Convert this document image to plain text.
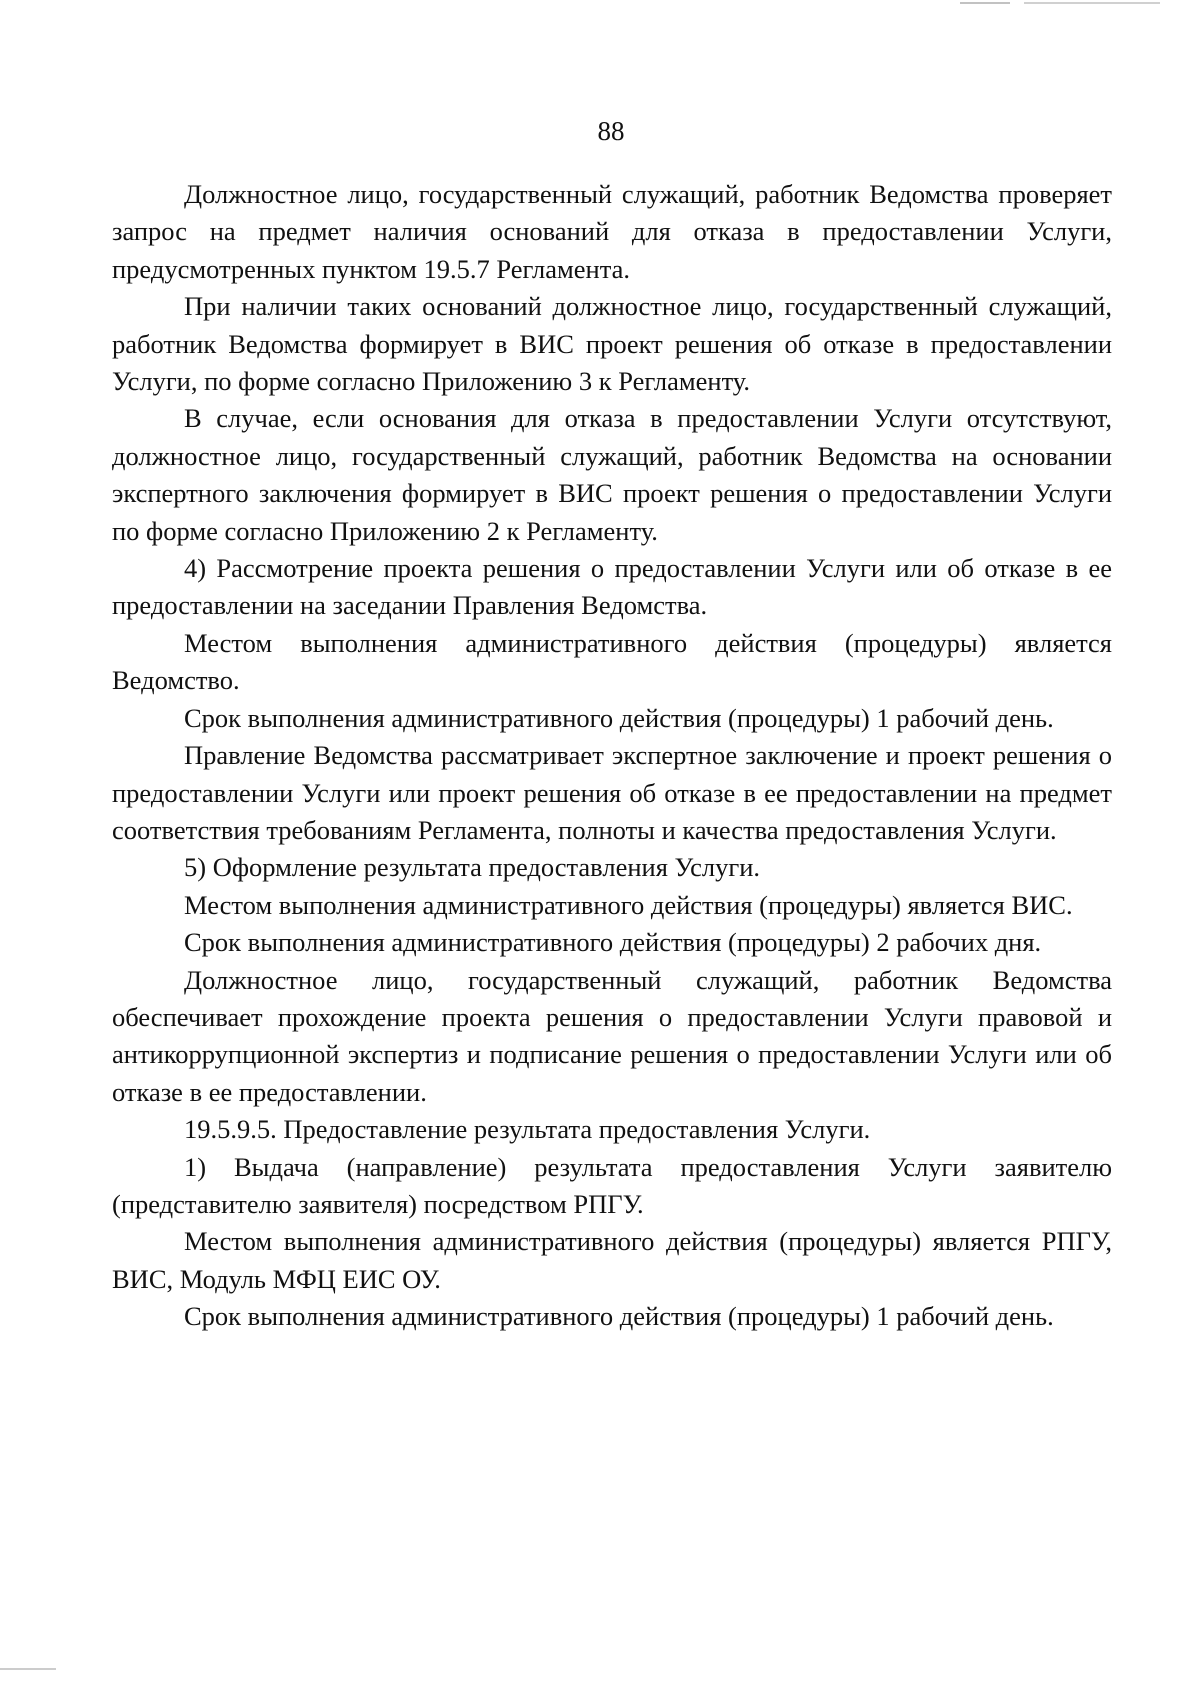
88

Должностное лицо, государственный служащий, работник Ведомства проверяет запрос на предмет наличия оснований для отказа в предоставлении Услуги, предусмотренных пунктом 19.5.7 Регламента.

При наличии таких оснований должностное лицо, государственный служащий, работник Ведомства формирует в ВИС проект решения об отказе в предоставлении Услуги, по форме согласно Приложению 3 к Регламенту.

В случае, если основания для отказа в предоставлении Услуги отсутствуют, должностное лицо, государственный служащий, работник Ведомства на основании экспертного заключения формирует в ВИС проект решения о предоставлении Услуги по форме согласно Приложению 2 к Регламенту.

4) Рассмотрение проекта решения о предоставлении Услуги или об отказе в ее предоставлении на заседании Правления Ведомства.

Местом выполнения административного действия (процедуры) является Ведомство.

Срок выполнения административного действия (процедуры) 1 рабочий день.

Правление Ведомства рассматривает экспертное заключение и проект решения о предоставлении Услуги или проект решения об отказе в ее предоставлении на предмет соответствия требованиям Регламента, полноты и качества предоставления Услуги.

5) Оформление результата предоставления Услуги.

Местом выполнения административного действия (процедуры) является ВИС.

Срок выполнения административного действия (процедуры) 2 рабочих дня.

Должностное лицо, государственный служащий, работник Ведомства обеспечивает прохождение проекта решения о предоставлении Услуги правовой и антикоррупционной экспертиз и подписание решения о предоставлении Услуги или об отказе в ее предоставлении.

19.5.9.5. Предоставление результата предоставления Услуги.

1) Выдача (направление) результата предоставления Услуги заявителю (представителю заявителя) посредством РПГУ.

Местом выполнения административного действия (процедуры) является РПГУ, ВИС, Модуль МФЦ ЕИС ОУ.

Срок выполнения административного действия (процедуры) 1 рабочий день.
